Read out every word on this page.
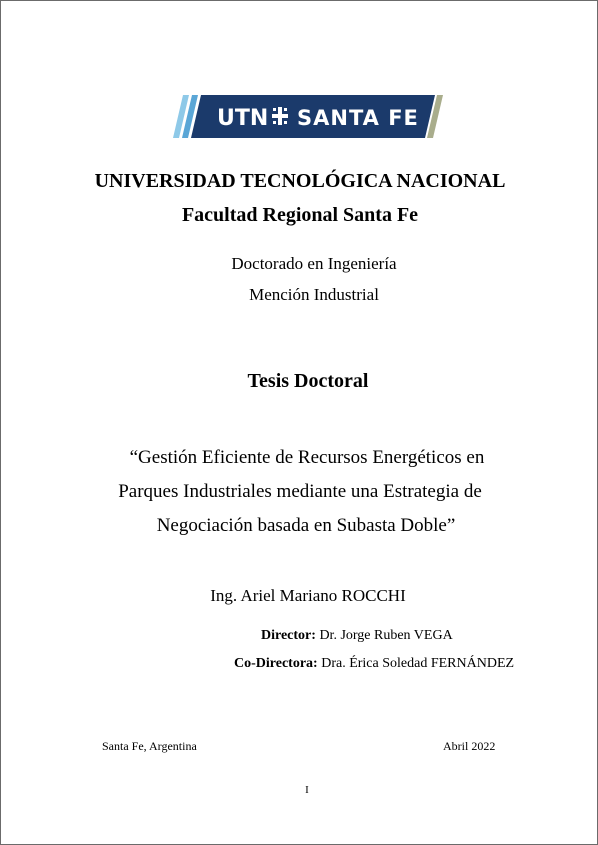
UTN SANTA FE
UNIVERSIDAD TECNOLÓGICA NACIONAL
Facultad Regional Santa Fe
Doctorado en Ingeniería
Mención Industrial
Tesis Doctoral
“Gestión Eficiente de Recursos Energéticos en
Parques Industriales mediante una Estrategia de
Negociación basada en Subasta Doble”
Ing. Ariel Mariano ROCCHI
Director: Dr. Jorge Ruben VEGA
Co-Directora: Dra. Érica Soledad FERNÁNDEZ
Santa Fe, Argentina	Abril 2022
I
